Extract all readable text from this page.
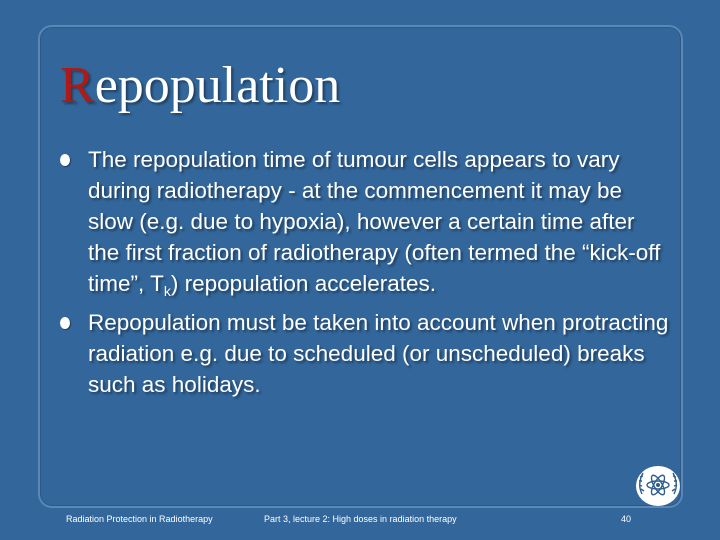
Repopulation
The repopulation time of tumour cells appears to vary during radiotherapy - at the commencement it may be slow (e.g. due to hypoxia), however a certain time after the first fraction of radiotherapy (often termed the “kick-off time”, $T_k$) repopulation accelerates.
Repopulation must be taken into account when protracting radiation e.g. due to scheduled (or unscheduled) breaks such as holidays.
Radiation Protection in Radiotherapy	Part 3, lecture 2: High doses in radiation therapy	40
